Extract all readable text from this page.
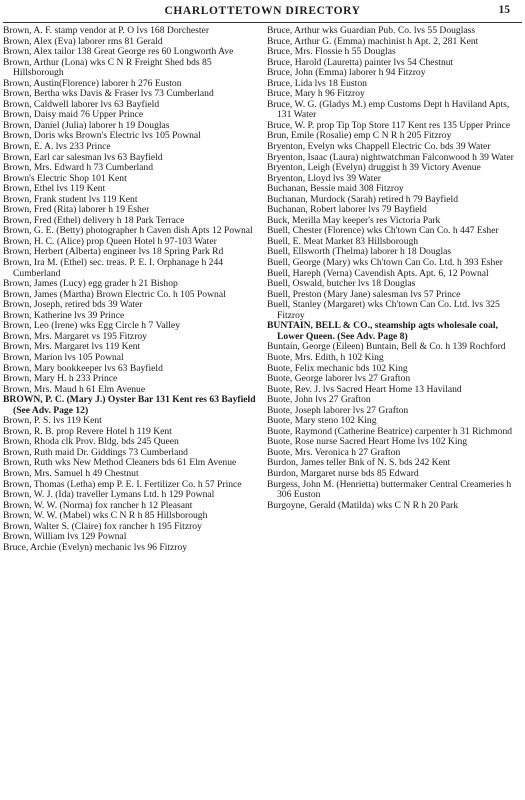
CHARLOTTETOWN DIRECTORY	15

Brown, A. F. stamp vendor at P. O lvs 168 Dorchester

Brown, Alex (Eva) laborer rms 81 Gerald

Brown, Alex tailor 138 Great George res 60 Longworth Ave

Brown, Arthur (Lona) wks C N R Freight Shed bds 85 Hillsborough

Brown, Austin(Florence) laborer h 276 Euston

Brown, Bertha wks Davis & Fraser lvs 73 Cumberland

Brown, Caldwell laborer lvs 63 Bayfield

Brown, Daisy maid 76 Upper Prince

Brown, Daniel (Julia) laborer h 19 Douglas

Brown, Doris wks Brown's Electric lvs 105 Pownal

Brown, E. A. lvs 233 Prince

Brown, Earl car salesman lvs 63 Bayfield

Brown, Mrs. Edward h 73 Cumberland

Brown's Electric Shop 101 Kent

Brown, Ethel lvs 119 Kent

Brown, Frank student lvs 119 Kent

Brown, Fred (Rita) laborer h 19 Esher

Brown, Fred (Ethel) delivery h 18 Park Terrace

Brown, G. E. (Betty) photographer h Caven dish Apts 12 Pownal

Brown, H. C. (Alice) prop Queen Hotel h 97-103 Water

Brown, Herbert (Alberta) engineer lvs 18 Spring Park Rd

Brown, Ira M. (Ethel) sec. treas. P. E. I. Orphanage h 244 Cumberland

Brown, James (Lucy) egg grader h 21 Bishop

Brown, James (Martha) Brown Electric Co. h 105 Pownal

Brown, Joseph, retired bds 39 Water

Brown, Katherine lvs 39 Prince

Brown, Leo (Irene) wks Egg Circle h 7 Valley

Brown, Mrs. Margaret vs 195 Fitzroy

Brown, Mrs. Margaret lvs 119 Kent

Brown, Marion lvs 105 Pownal

Brown, Mary bookkeeper lvs 63 Bayfield

Brown, Mary H. h 233 Prince

Brown, Mrs. Maud h 61 Elm Avenue

BROWN, P. C. (Mary J.) Oyster Bar 131 Kent res 63 Bayfield (See Adv. Page 12)

Brown, P. S. lvs 119 Kent

Brown, R. B. prop Revere Hotel h 119 Kent

Brown, Rhoda clk Prov. Bldg. bds 245 Queen

Brown, Ruth maid Dr. Giddings 73 Cumberland

Brown, Ruth wks New Method Cleaners bds 61 Elm Avenue

Brown, Mrs. Samuel h 49 Chestnut

Brown, Thomas (Letha) emp P. E. I. Fertilizer Co. h 57 Prince

Brown, W. J. (Ida) traveller Lymans Ltd. h 129 Pownal

Brown, W. W. (Norma) fox rancher h 12 Pleasant

Brown, W. W. (Mabel) wks C N R h 85 Hillsborough

Brown, Walter S. (Claire) fox rancher h 195 Fitzroy

Brown, William lvs 129 Pownal

Bruce, Archie (Evelyn) mechanic lvs 96 Fitzroy

Bruce, Arthur wks Guardian Pub. Co. lvs 55 Douglass

Bruce, Arthur G. (Emma) machinist h Apt. 2, 281 Kent

Bruce, Mrs. Flossie h 55 Douglas

Bruce, Harold (Lauretta) painter lvs 54 Chestnut

Bruce, John (Emma) laborer h 94 Fitzroy

Bruce, Lida lvs 18 Euston

Bruce, Mary h 96 Fitzroy

Bruce, W. G. (Gladys M.) emp Customs Dept h Haviland Apts, 131 Water

Bruce, W. P. prop Tip Top Store 117 Kent res 135 Upper Prince

Brun, Emile (Rosalie) emp C N R h 205 Fitzroy

Bryenton, Evelyn wks Chappell Electric Co. bds 39 Water

Bryenton, Isaac (Laura) nightwatchman Falconwood h 39 Water

Bryenton, Leigh (Evelyn) druggist h 39 Victory Avenue

Bryenton, Lloyd lvs 39 Water

Buchanan, Bessie maid 308 Fitzroy

Buchanan, Murdock (Sarah) retired h 79 Bayfield

Buchanan, Robert laborer lvs 79 Bayfield

Buck, Merilla May keeper's res Victoria Park

Buell, Chester (Florence) wks Ch'town Can Co. h 447 Esher

Buell, E. Meat Market 83 Hillsborough

Buell, Ellsworth (Thelma) laborer h 18 Douglas

Buell, George (Mary) wks Ch'town Can Co. Ltd. h 393 Esher

Buell, Hareph (Verna) Cavendish Apts. Apt. 6, 12 Pownal

Buell, Oswald, butcher lvs 18 Douglas

Buell, Preston (Mary Jane) salesman lvs 57 Prince

Buell, Stanley (Margaret) wks Ch'town Can Co. Ltd. lvs 325 Fitzroy

BUNTAIN, BELL & CO., steamship agts wholesale coal, Lower Queen. (See Adv. Page 8)

Buntain, George (Eileen) Buntain, Bell & Co. h 139 Rochford

Buote, Mrs. Edith, h 102 King

Buote, Felix mechanic bds 102 King

Buote, George laborer lvs 27 Grafton

Buote, Rev. J. lvs Sacred Heart Home 13 Haviland

Buote, John lvs 27 Grafton

Buote, Joseph laborer lvs 27 Grafton

Buote, Mary steno 102 King

Buote, Raymond (Catherine Beatrice) carpenter h 31 Richmond

Buote, Rose nurse Sacred Heart Home lvs 102 King

Buote, Mrs. Veronica h 27 Grafton

Burdon, James teller Bnk of N. S. bds 242 Kent

Burdon, Margaret nurse bds 85 Edward

Burgess, John M. (Henrietta) buttermaker Central Creameries h 306 Euston

Burgoyne, Gerald (Matilda) wks C N R h 20 Park
